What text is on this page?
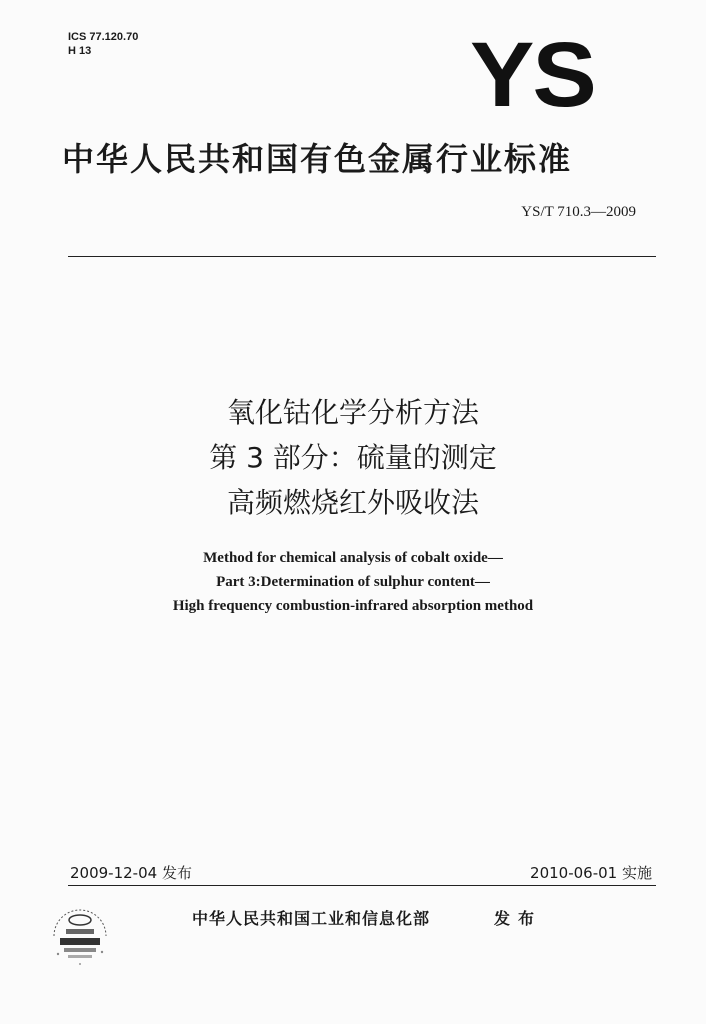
ICS 77.120.70
H 13	YS
中华人民共和国有色金属行业标准
YS/T 710.3—2009
氧化钴化学分析方法
第 3 部分：硫量的测定
高频燃烧红外吸收法
Method for chemical analysis of cobalt oxide—
Part 3:Determination of sulphur content—
High frequency combustion-infrared absorption method
2009-12-04 发布	2010-06-01 实施
中华人民共和国工业和信息化部	发布
